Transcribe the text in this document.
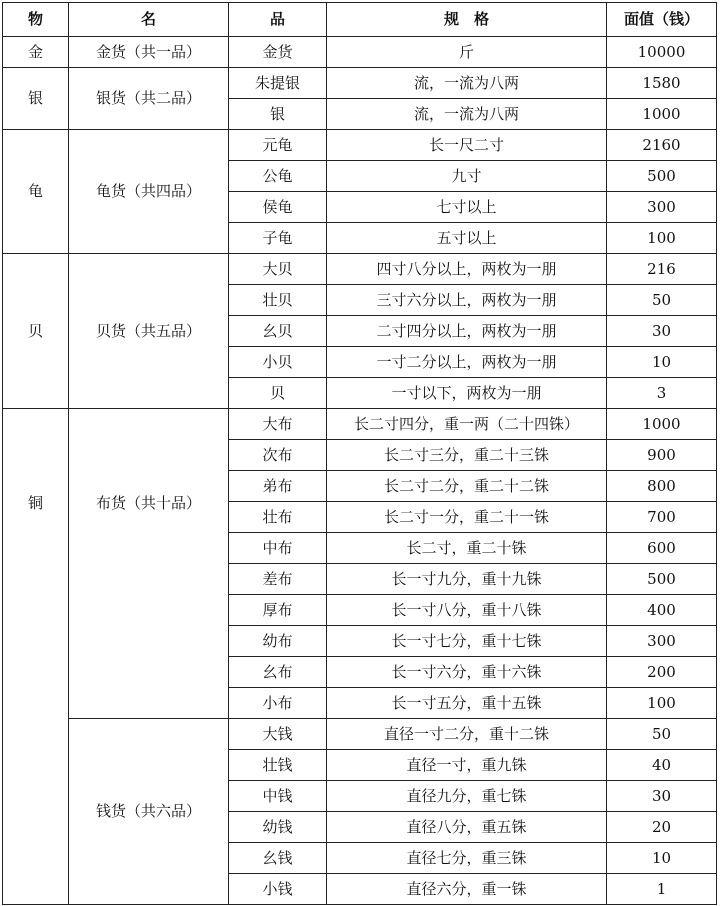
物	名	品	规　格	面值（钱）
金	金货（共一品）	金货	斤	10000
银	银货（共二品）	朱提银	流，一流为八两	1580
		银	流，一流为八两	1000
龟	龟货（共四品）	元龟	长一尺二寸	2160
		公龟	九寸	500
		侯龟	七寸以上	300
		子龟	五寸以上	100
贝	贝货（共五品）	大贝	四寸八分以上，两枚为一朋	216
		壮贝	三寸六分以上，两枚为一朋	50
		幺贝	二寸四分以上，两枚为一朋	30
		小贝	一寸二分以上，两枚为一朋	10
		贝	一寸以下，两枚为一朋	3
铜	布货（共十品）	大布	长二寸四分，重一两（二十四铢）	1000
		次布	长二寸三分，重二十三铢	900
		弟布	长二寸二分，重二十二铢	800
		壮布	长二寸一分，重二十一铢	700
		中布	长二寸，重二十铢	600
		差布	长一寸九分，重十九铢	500
		厚布	长一寸八分，重十八铢	400
		幼布	长一寸七分，重十七铢	300
		幺布	长一寸六分，重十六铢	200
		小布	长一寸五分，重十五铢	100
	钱货（共六品）	大钱	直径一寸二分，重十二铢	50
		壮钱	直径一寸，重九铢	40
		中钱	直径九分，重七铢	30
		幼钱	直径八分，重五铢	20
		幺钱	直径七分，重三铢	10
		小钱	直径六分，重一铢	1
